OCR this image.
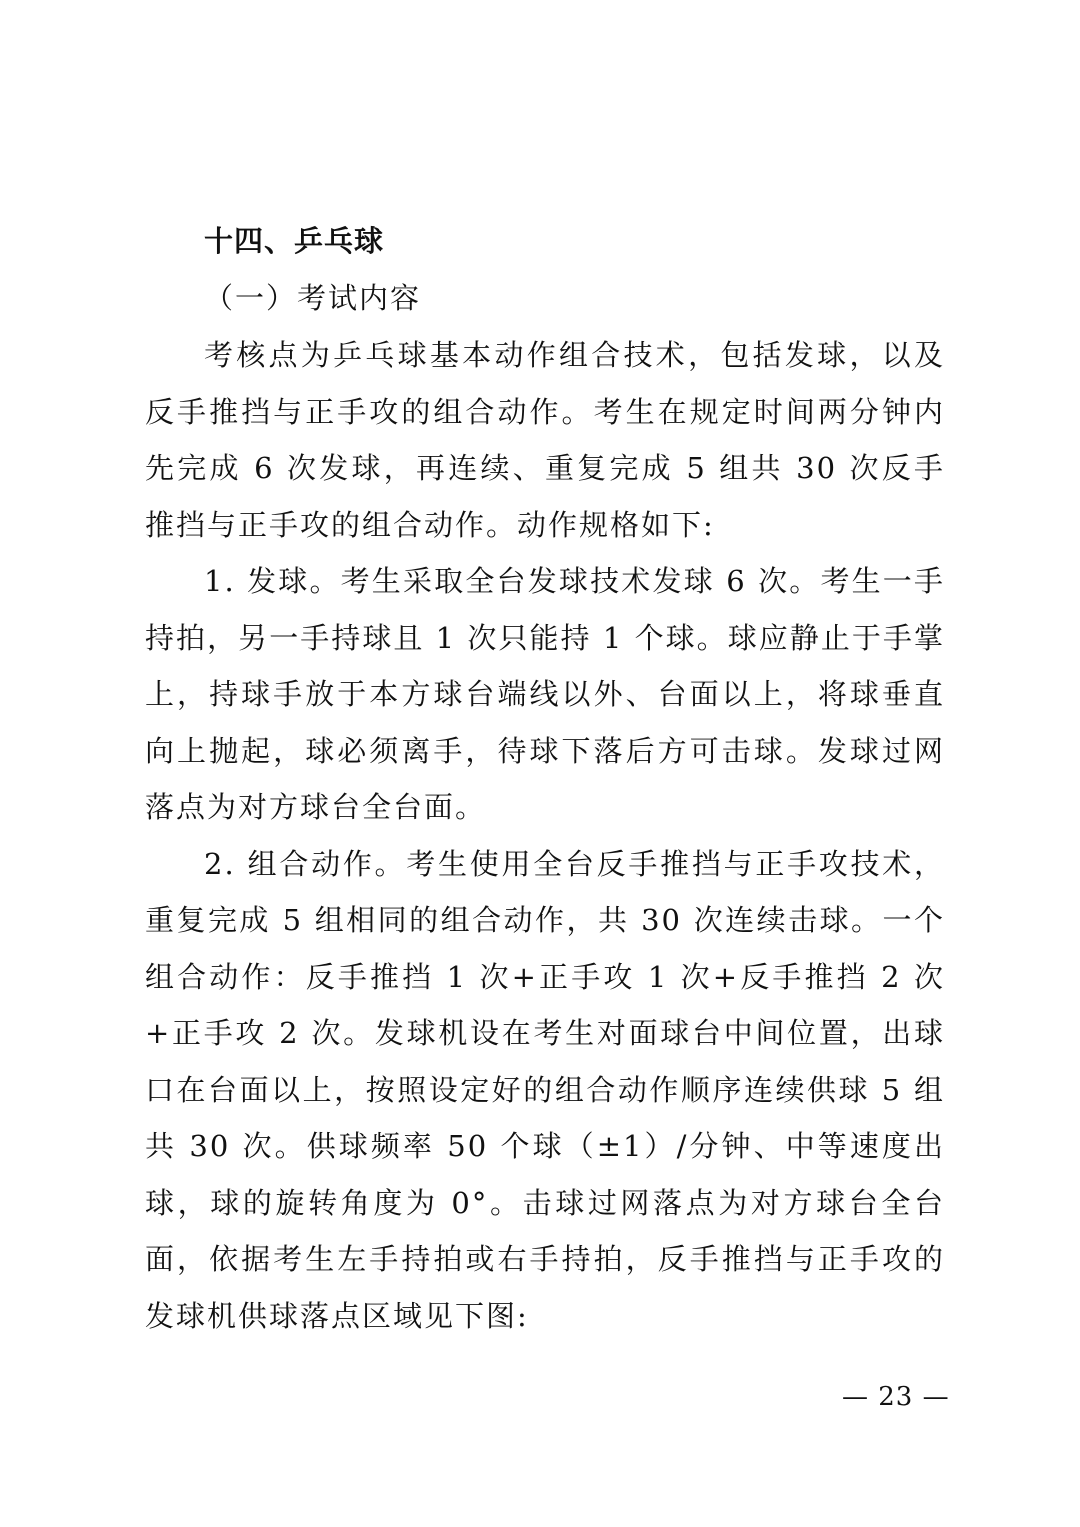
十四、乒乓球

（一）考试内容

考核点为乒乓球基本动作组合技术，包括发球，以及反手推挡与正手攻的组合动作。考生在规定时间两分钟内先完成 6 次发球，再连续、重复完成 5 组共 30 次反手推挡与正手攻的组合动作。动作规格如下:

1. 发球。考生采取全台发球技术发球 6 次。考生一手持拍，另一手持球且 1 次只能持 1 个球。球应静止于手掌上，持球手放于本方球台端线以外、台面以上，将球垂直向上抛起，球必须离手，待球下落后方可击球。发球过网落点为对方球台全台面。

2. 组合动作。考生使用全台反手推挡与正手攻技术，重复完成 5 组相同的组合动作，共 30 次连续击球。一个组合动作：反手推挡 1 次+正手攻 1 次+反手推挡 2 次+正手攻 2 次。发球机设在考生对面球台中间位置，出球口在台面以上，按照设定好的组合动作顺序连续供球 5 组共 30 次。供球频率 50 个球（±1）/分钟、中等速度出球，球的旋转角度为 0°。击球过网落点为对方球台全台面，依据考生左手持拍或右手持拍，反手推挡与正手攻的发球机供球落点区域见下图:

— 23 —
